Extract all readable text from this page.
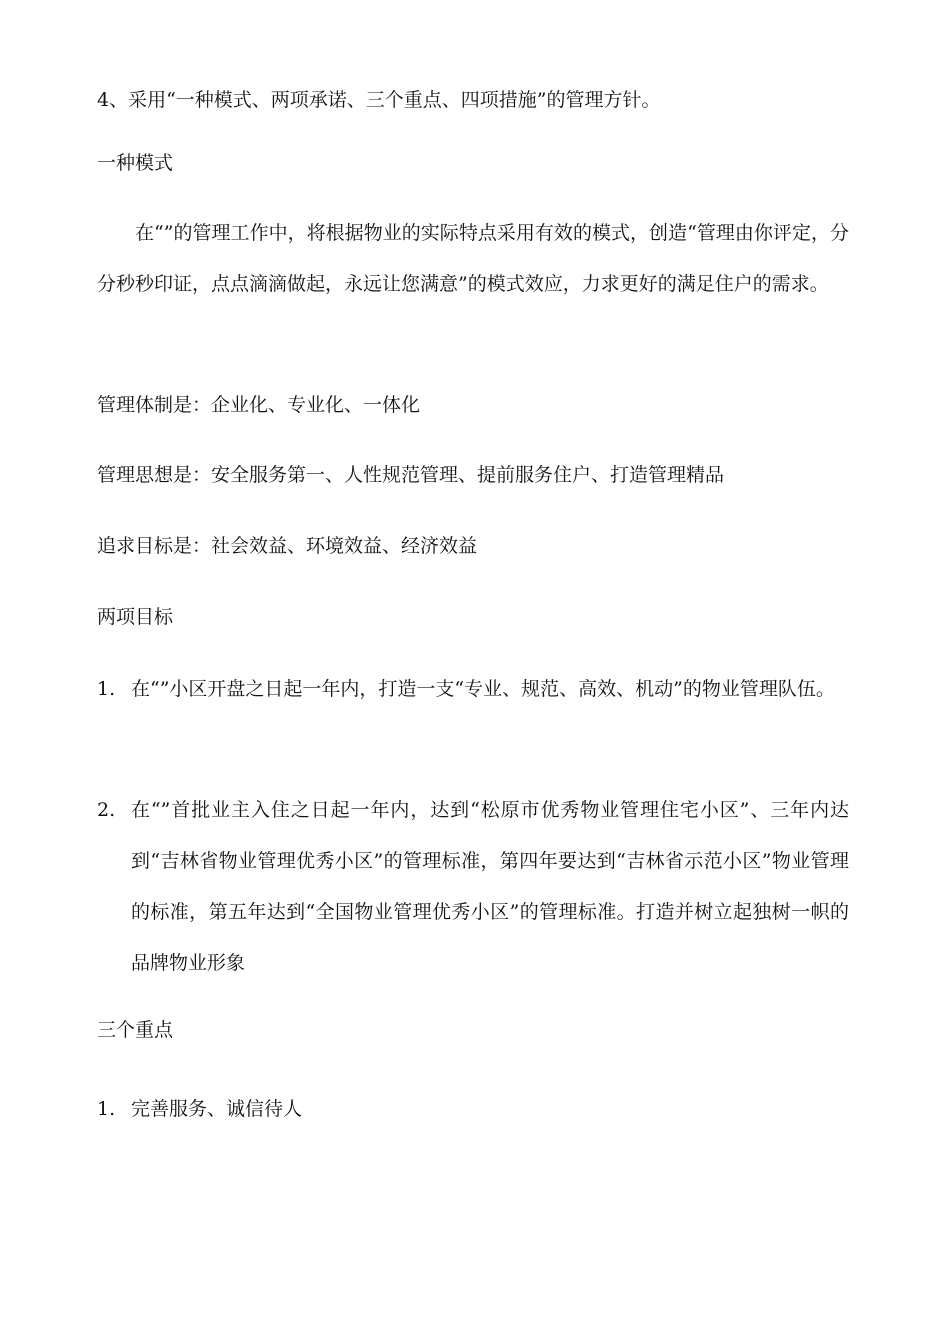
4、采用“一种模式、两项承诺、三个重点、四项措施”的管理方针。
一种模式
在“”的管理工作中，将根据物业的实际特点采用有效的模式，创造“管理由你评定，分分秒秒印证，点点滴滴做起，永远让您满意”的模式效应，力求更好的满足住户的需求。
管理体制是：企业化、专业化、一体化
管理思想是：安全服务第一、人性规范管理、提前服务住户、打造管理精品
追求目标是：社会效益、环境效益、经济效益
两项目标
1. 在“”小区开盘之日起一年内，打造一支“专业、规范、高效、机动”的物业管理队伍。
2. 在“”首批业主入住之日起一年内，达到“松原市优秀物业管理住宅小区”、三年内达到“吉林省物业管理优秀小区”的管理标准，第四年要达到“吉林省示范小区”物业管理的标准，第五年达到“全国物业管理优秀小区”的管理标准。打造并树立起独树一帜的品牌物业形象
三个重点
1. 完善服务、诚信待人
